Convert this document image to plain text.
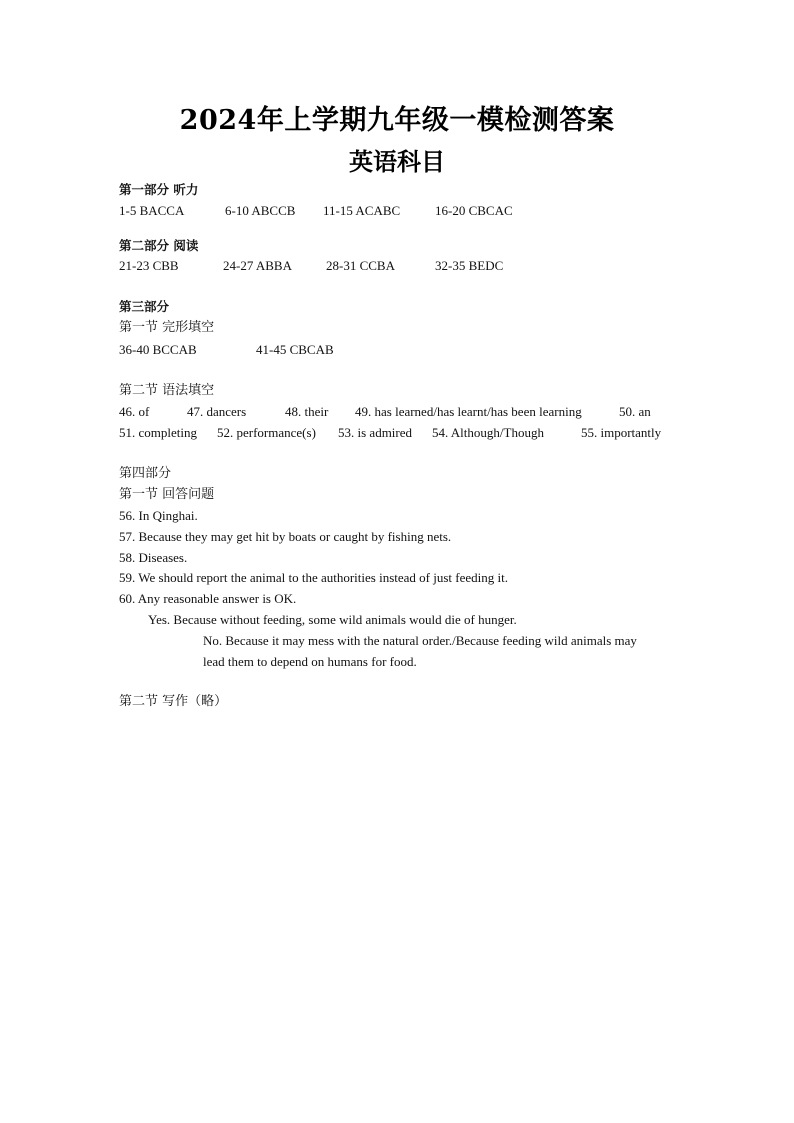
2024年上学期九年级一模检测答案
英语科目
第一部分 听力
1-5 BACCA	6-10 ABCCB 11-15 ACABC	16-20 CBCAC
第二部分 阅读
21-23 CBB	24-27 ABBA	28-31 CCBA	32-35 BEDC
第三部分
第一节 完形填空
36-40 BCCAB	41-45 CBCAB
第二节 语法填空
46. of	47. dancers	48. their 49. has learned/has learnt/has been learning	50. an
51. completing 52. performance(s) 53. is admired 54. Although/Though	55. importantly
第四部分
第一节 回答问题
56. In Qinghai.
57. Because they may get hit by boats or caught by fishing nets.
58. Diseases.
59. We should report the animal to the authorities instead of just feeding it.
60. Any reasonable answer is OK.
Yes. Because without feeding, some wild animals would die of hunger.
No. Because it may mess with the natural order./Because feeding wild animals may
lead them to depend on humans for food.
第二节 写作（略）
